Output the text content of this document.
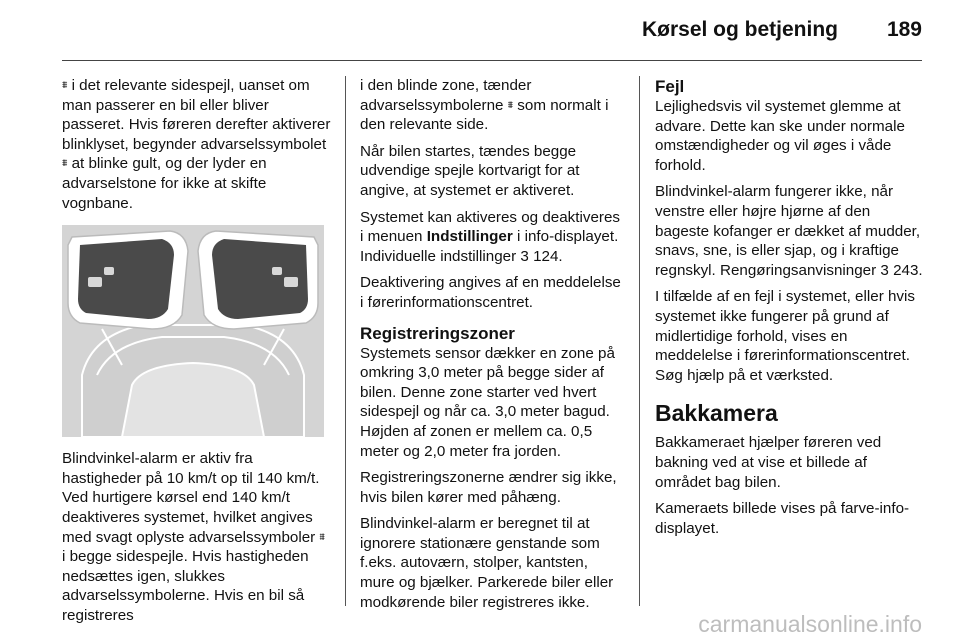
Kørsel og betjening 189

⩩ i det relevante sidespejl, uanset om man passerer en bil eller bliver passeret. Hvis føreren derefter aktiverer blinklyset, begynder advarselssymbolet ⩩ at blinke gult, og der lyder en advarselstone for ikke at skifte vognbane.

Blindvinkel-alarm er aktiv fra hastigheder på 10 km/t op til 140 km/t. Ved hurtigere kørsel end 140 km/t deaktiveres systemet, hvilket angives med svagt oplyste advarselssymboler ⩩ i begge sidespejle. Hvis hastigheden nedsættes igen, slukkes advarselssymbolerne. Hvis en bil så registreres

i den blinde zone, tænder advarselssymbolerne ⩩ som normalt i den relevante side.

Når bilen startes, tændes begge udvendige spejle kortvarigt for at angive, at systemet er aktiveret.

Systemet kan aktiveres og deaktiveres i menuen Indstillinger i info-displayet. Individuelle indstillinger 3 124.

Deaktivering angives af en meddelelse i førerinformationscentret.

Registreringszoner

Systemets sensor dækker en zone på omkring 3,0 meter på begge sider af bilen. Denne zone starter ved hvert sidespejl og når ca. 3,0 meter bagud. Højden af zonen er mellem ca. 0,5 meter og 2,0 meter fra jorden.

Registreringszonerne ændrer sig ikke, hvis bilen kører med påhæng.

Blindvinkel-alarm er beregnet til at ignorere stationære genstande som f.eks. autoværn, stolper, kantsten, mure og bjælker. Parkerede biler eller modkørende biler registreres ikke.

Fejl

Lejlighedsvis vil systemet glemme at advare. Dette kan ske under normale omstændigheder og vil øges i våde forhold.

Blindvinkel-alarm fungerer ikke, når venstre eller højre hjørne af den bageste kofanger er dækket af mudder, snavs, sne, is eller sjap, og i kraftige regnskyl. Rengøringsanvisninger 3 243.

I tilfælde af en fejl i systemet, eller hvis systemet ikke fungerer på grund af midlertidige forhold, vises en meddelelse i førerinformationscentret. Søg hjælp på et værksted.

Bakkamera

Bakkameraet hjælper føreren ved bakning ved at vise et billede af området bag bilen.

Kameraets billede vises på farve-info-displayet.

carmanualsonline.info
